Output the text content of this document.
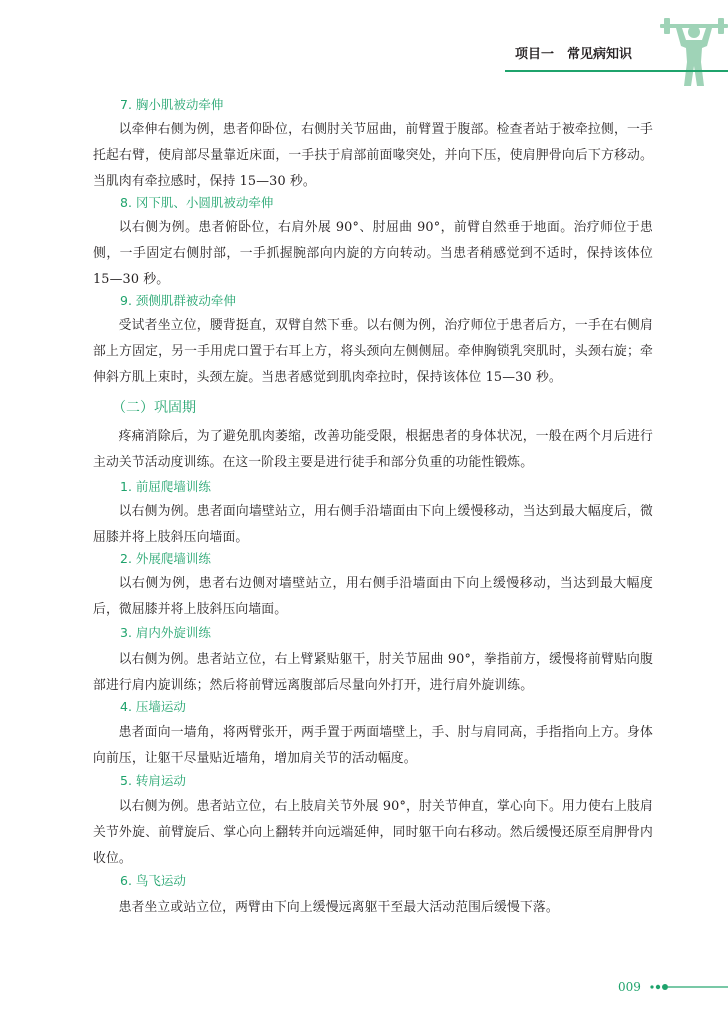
项目一　常见病知识
7. 胸小肌被动牵伸

以牵伸右侧为例，患者仰卧位，右侧肘关节屈曲，前臂置于腹部。检查者站于被牵拉侧，一手托起右臂，使肩部尽量靠近床面，一手扶于肩部前面喙突处，并向下压，使肩胛骨向后下方移动。当肌肉有牵拉感时，保持 15—30 秒。

8. 冈下肌、小圆肌被动牵伸

以右侧为例。患者俯卧位，右肩外展 90°、肘屈曲 90°，前臂自然垂于地面。治疗师位于患侧，一手固定右侧肘部，一手抓握腕部向内旋的方向转动。当患者稍感觉到不适时，保持该体位 15—30 秒。

9. 颈侧肌群被动牵伸

受试者坐立位，腰背挺直，双臂自然下垂。以右侧为例，治疗师位于患者后方，一手在右侧肩部上方固定，另一手用虎口置于右耳上方，将头颈向左侧侧屈。牵伸胸锁乳突肌时，头颈右旋；牵伸斜方肌上束时，头颈左旋。当患者感觉到肌肉牵拉时，保持该体位 15—30 秒。

（二）巩固期

疼痛消除后，为了避免肌肉萎缩，改善功能受限，根据患者的身体状况，一般在两个月后进行主动关节活动度训练。在这一阶段主要是进行徒手和部分负重的功能性锻炼。

1. 前屈爬墙训练

以右侧为例。患者面向墙壁站立，用右侧手沿墙面由下向上缓慢移动，当达到最大幅度后，微屈膝并将上肢斜压向墙面。

2. 外展爬墙训练

以右侧为例，患者右边侧对墙壁站立，用右侧手沿墙面由下向上缓慢移动，当达到最大幅度后，微屈膝并将上肢斜压向墙面。

3. 肩内外旋训练

以右侧为例。患者站立位，右上臂紧贴躯干，肘关节屈曲 90°，拳指前方，缓慢将前臂贴向腹部进行肩内旋训练；然后将前臂远离腹部后尽量向外打开，进行肩外旋训练。

4. 压墙运动

患者面向一墙角，将两臂张开，两手置于两面墙壁上，手、肘与肩同高，手指指向上方。身体向前压，让躯干尽量贴近墙角，增加肩关节的活动幅度。

5. 转肩运动

以右侧为例。患者站立位，右上肢肩关节外展 90°，肘关节伸直，掌心向下。用力使右上肢肩关节外旋、前臂旋后、掌心向上翻转并向远端延伸，同时躯干向右移动。然后缓慢还原至肩胛骨内收位。

6. 鸟飞运动

患者坐立或站立位，两臂由下向上缓慢远离躯干至最大活动范围后缓慢下落。

009
